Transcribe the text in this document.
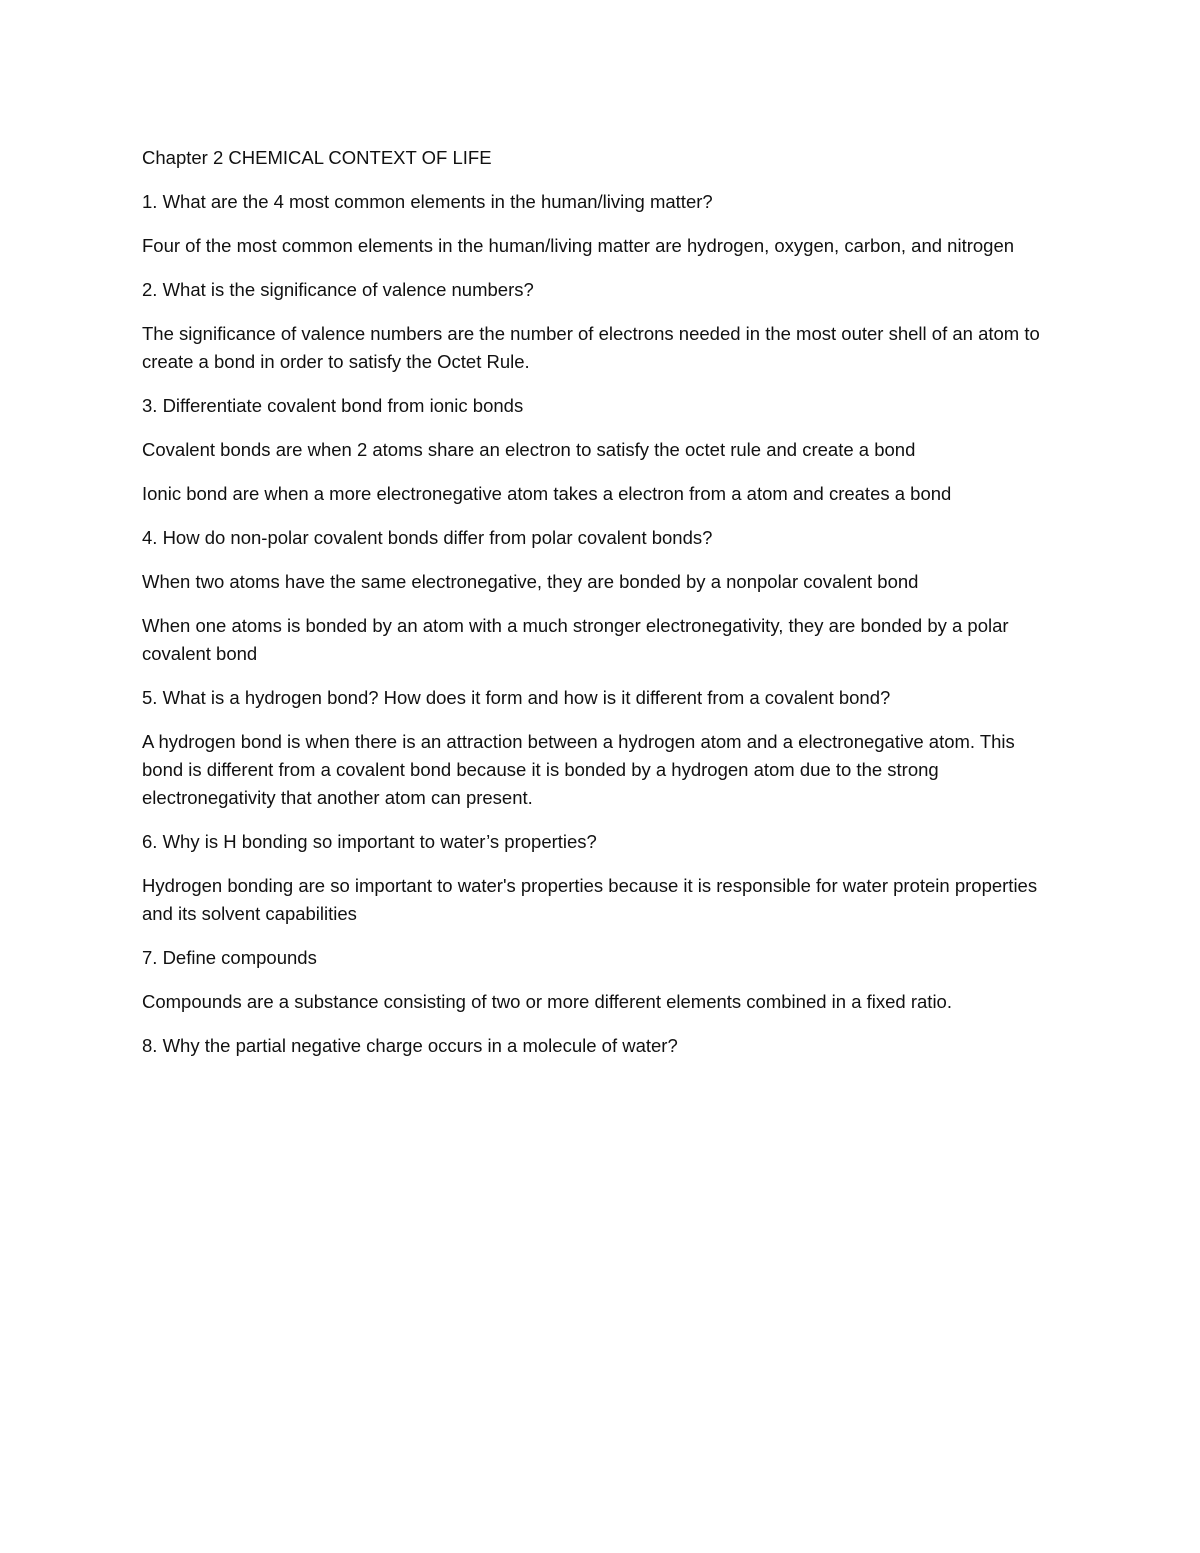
Chapter 2 CHEMICAL CONTEXT OF LIFE

1. What are the 4 most common elements in the human/living matter?

Four of the most common elements in the human/living matter are hydrogen, oxygen, carbon, and nitrogen

2. What is the significance of valence numbers?

The significance of valence numbers are the number of electrons needed in the most outer shell of an atom to create a bond in order to satisfy the Octet Rule.

3. Differentiate covalent bond from ionic bonds

Covalent bonds are when 2 atoms share an electron to satisfy the octet rule and create a bond

Ionic bond are when a more electronegative atom takes a electron from a atom and creates a bond

4. How do non-polar covalent bonds differ from polar covalent bonds?

When two atoms have the same electronegative, they are bonded by a nonpolar covalent bond

When one atoms is bonded by an atom with a much stronger electronegativity, they are bonded by a polar covalent bond

5. What is a hydrogen bond? How does it form and how is it different from a covalent bond?

A hydrogen bond is when there is an attraction between a hydrogen atom and a electronegative atom. This bond is different from a covalent bond because it is bonded by a hydrogen atom due to the strong electronegativity that another atom can present.

6. Why is H bonding so important to water’s properties?

Hydrogen bonding are so important to water's properties because it is responsible for water protein properties and its solvent capabilities

7. Define compounds

Compounds are a substance consisting of two or more different elements combined in a fixed ratio.

8. Why the partial negative charge occurs in a molecule of water?
